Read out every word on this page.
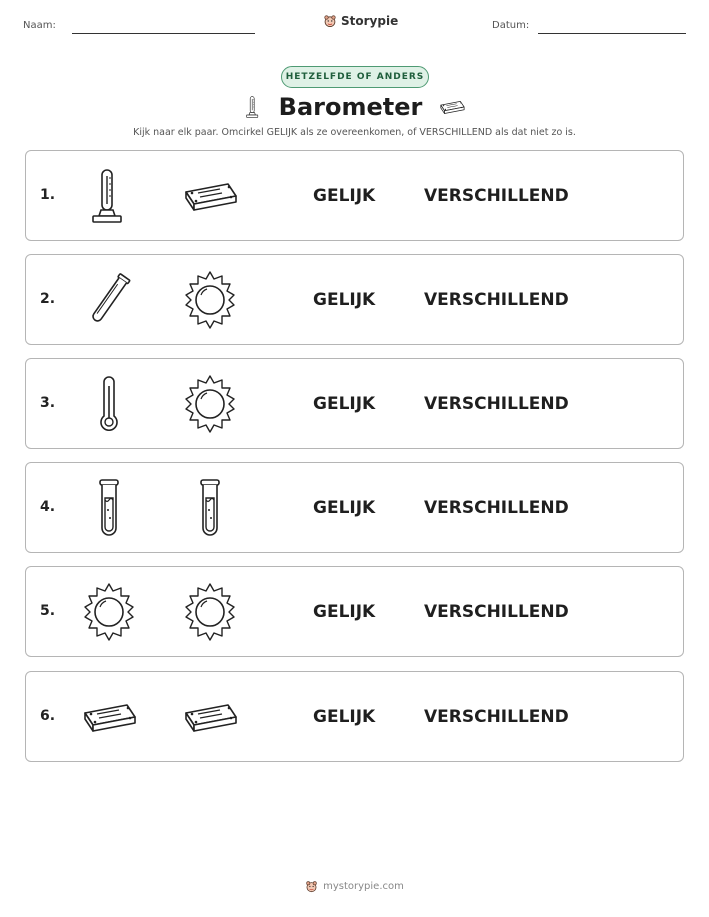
Naam:	Storypie	Datum:
HETZELFDE OF ANDERS
Barometer
Kijk naar elk paar. Omcirkel GELIJK als ze overeenkomen, of VERSCHILLEND als dat niet zo is.
1.	GELIJK	VERSCHILLEND
2.	GELIJK	VERSCHILLEND
3.	GELIJK	VERSCHILLEND
4.	GELIJK	VERSCHILLEND
5.	GELIJK	VERSCHILLEND
6.	GELIJK	VERSCHILLEND
mystorypie.com
